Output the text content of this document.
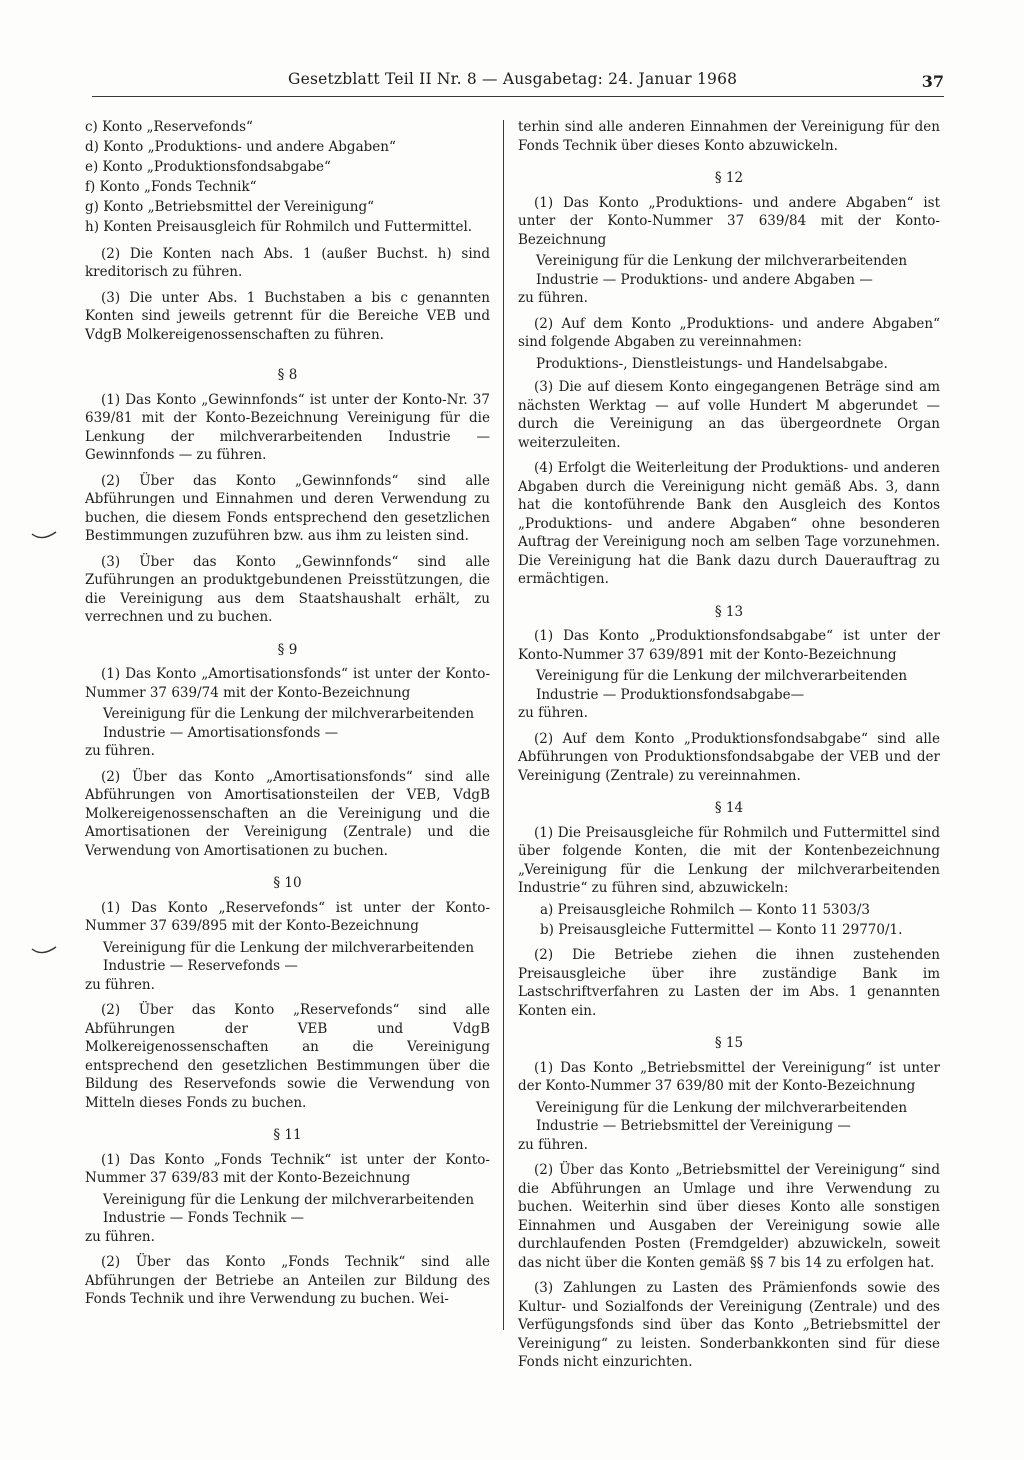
Gesetzblatt Teil II Nr. 8 — Ausgabetag: 24. Januar 1968	37
c) Konto „Reservefonds“
d) Konto „Produktions- und andere Abgaben“
e) Konto „Produktionsfondsabgabe“
f) Konto „Fonds Technik“
g) Konto „Betriebsmittel der Vereinigung“
h) Konten Preisausgleich für Rohmilch und Futtermittel.

(2) Die Konten nach Abs. 1 (außer Buchst. h) sind kreditorisch zu führen.

(3) Die unter Abs. 1 Buchstaben a bis c genannten Konten sind jeweils getrennt für die Bereiche VEB und VdgB Molkereigenossenschaften zu führen.

§ 8

(1) Das Konto „Gewinnfonds“ ist unter der Konto-Nr. 37 639/81 mit der Konto-Bezeichnung Vereinigung für die Lenkung der milchverarbeitenden Industrie — Gewinnfonds — zu führen.

(2) Über das Konto „Gewinnfonds“ sind alle Abführungen und Einnahmen und deren Verwendung zu buchen, die diesem Fonds entsprechend den gesetzlichen Bestimmungen zuzuführen bzw. aus ihm zu leisten sind.

(3) Über das Konto „Gewinnfonds“ sind alle Zuführungen an produktgebundenen Preisstützungen, die die Vereinigung aus dem Staatshaushalt erhält, zu verrechnen und zu buchen.

§ 9

(1) Das Konto „Amortisationsfonds“ ist unter der Konto-Nummer 37 639/74 mit der Konto-Bezeichnung

Vereinigung für die Lenkung der milchverarbeitenden Industrie — Amortisationsfonds —
zu führen.

(2) Über das Konto „Amortisationsfonds“ sind alle Abführungen von Amortisationsteilen der VEB, VdgB Molkereigenossenschaften an die Vereinigung und die Amortisationen der Vereinigung (Zentrale) und die Verwendung von Amortisationen zu buchen.

§ 10

(1) Das Konto „Reservefonds“ ist unter der Konto-Nummer 37 639/895 mit der Konto-Bezeichnung

Vereinigung für die Lenkung der milchverarbeitenden Industrie — Reservefonds —
zu führen.

(2) Über das Konto „Reservefonds“ sind alle Abführungen der VEB und VdgB Molkereigenossenschaften an die Vereinigung entsprechend den gesetzlichen Bestimmungen über die Bildung des Reservefonds sowie die Verwendung von Mitteln dieses Fonds zu buchen.

§ 11

(1) Das Konto „Fonds Technik“ ist unter der Konto-Nummer 37 639/83 mit der Konto-Bezeichnung

Vereinigung für die Lenkung der milchverarbeitenden Industrie — Fonds Technik —
zu führen.

(2) Über das Konto „Fonds Technik“ sind alle Abführungen der Betriebe an Anteilen zur Bildung des Fonds Technik und ihre Verwendung zu buchen. Wei-

terhin sind alle anderen Einnahmen der Vereinigung für den Fonds Technik über dieses Konto abzuwickeln.

§ 12

(1) Das Konto „Produktions- und andere Abgaben“ ist unter der Konto-Nummer 37 639/84 mit der Konto-Bezeichnung

Vereinigung für die Lenkung der milchverarbeitenden Industrie — Produktions- und andere Abgaben —
zu führen.

(2) Auf dem Konto „Produktions- und andere Abgaben“ sind folgende Abgaben zu vereinnahmen:

Produktions-, Dienstleistungs- und Handelsabgabe.

(3) Die auf diesem Konto eingegangenen Beträge sind am nächsten Werktag — auf volle Hundert M abgerundet — durch die Vereinigung an das übergeordnete Organ weiterzuleiten.

(4) Erfolgt die Weiterleitung der Produktions- und anderen Abgaben durch die Vereinigung nicht gemäß Abs. 3, dann hat die kontoführende Bank den Ausgleich des Kontos „Produktions- und andere Abgaben“ ohne besonderen Auftrag der Vereinigung noch am selben Tage vorzunehmen. Die Vereinigung hat die Bank dazu durch Dauerauftrag zu ermächtigen.

§ 13

(1) Das Konto „Produktionsfondsabgabe“ ist unter der Konto-Nummer 37 639/891 mit der Konto-Bezeichnung

Vereinigung für die Lenkung der milchverarbeitenden Industrie — Produktionsfondsabgabe—
zu führen.

(2) Auf dem Konto „Produktionsfondsabgabe“ sind alle Abführungen von Produktionsfondsabgabe der VEB und der Vereinigung (Zentrale) zu vereinnahmen.

§ 14

(1) Die Preisausgleiche für Rohmilch und Futtermittel sind über folgende Konten, die mit der Kontenbezeichnung „Vereinigung für die Lenkung der milchverarbeitenden Industrie“ zu führen sind, abzuwickeln:

a) Preisausgleiche Rohmilch — Konto 11 5303/3
b) Preisausgleiche Futtermittel — Konto 11 29770/1.

(2) Die Betriebe ziehen die ihnen zustehenden Preisausgleiche über ihre zuständige Bank im Lastschriftverfahren zu Lasten der im Abs. 1 genannten Konten ein.

§ 15

(1) Das Konto „Betriebsmittel der Vereinigung“ ist unter der Konto-Nummer 37 639/80 mit der Konto-Bezeichnung

Vereinigung für die Lenkung der milchverarbeitenden Industrie — Betriebsmittel der Vereinigung —
zu führen.

(2) Über das Konto „Betriebsmittel der Vereinigung“ sind die Abführungen an Umlage und ihre Verwendung zu buchen. Weiterhin sind über dieses Konto alle sonstigen Einnahmen und Ausgaben der Vereinigung sowie alle durchlaufenden Posten (Fremdgelder) abzuwickeln, soweit das nicht über die Konten gemäß §§ 7 bis 14 zu erfolgen hat.

(3) Zahlungen zu Lasten des Prämienfonds sowie des Kultur- und Sozialfonds der Vereinigung (Zentrale) und des Verfügungsfonds sind über das Konto „Betriebsmittel der Vereinigung“ zu leisten. Sonderbankkonten sind für diese Fonds nicht einzurichten.
